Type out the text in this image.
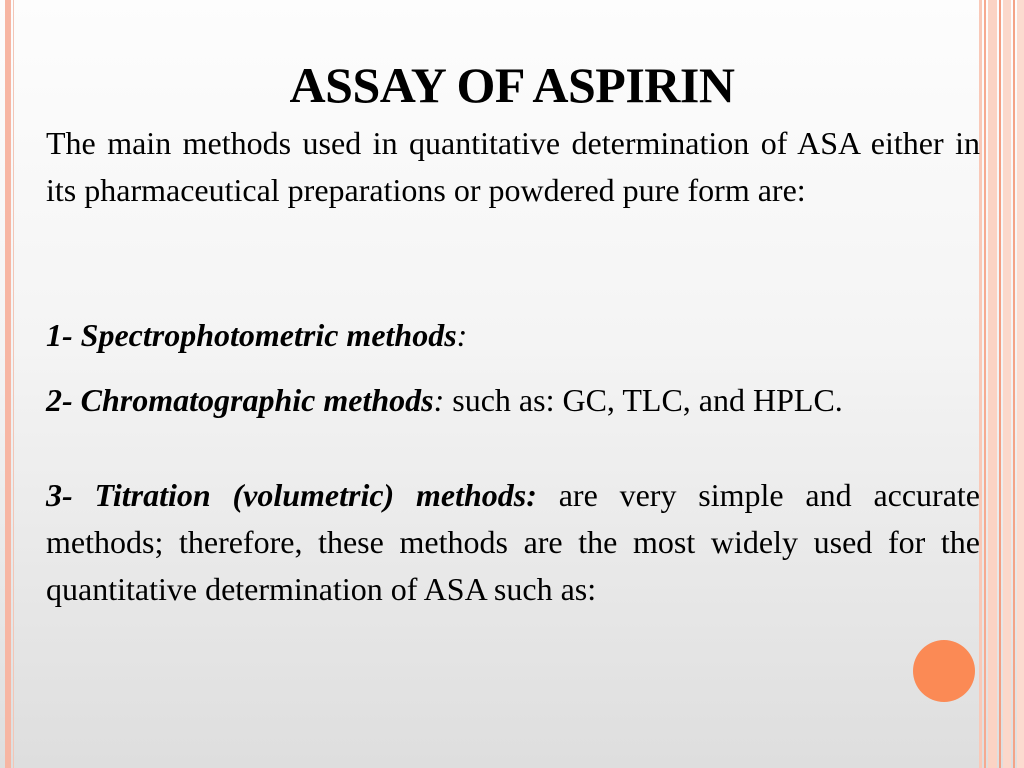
ASSAY OF ASPIRIN
The main methods used in quantitative determination of ASA either in its pharmaceutical preparations or powdered pure form are:
1- Spectrophotometric methods:
2- Chromatographic methods: such as: GC, TLC, and HPLC.
3- Titration (volumetric) methods: are very simple and accurate methods; therefore, these methods are the most widely used for the quantitative determination of ASA such as:
